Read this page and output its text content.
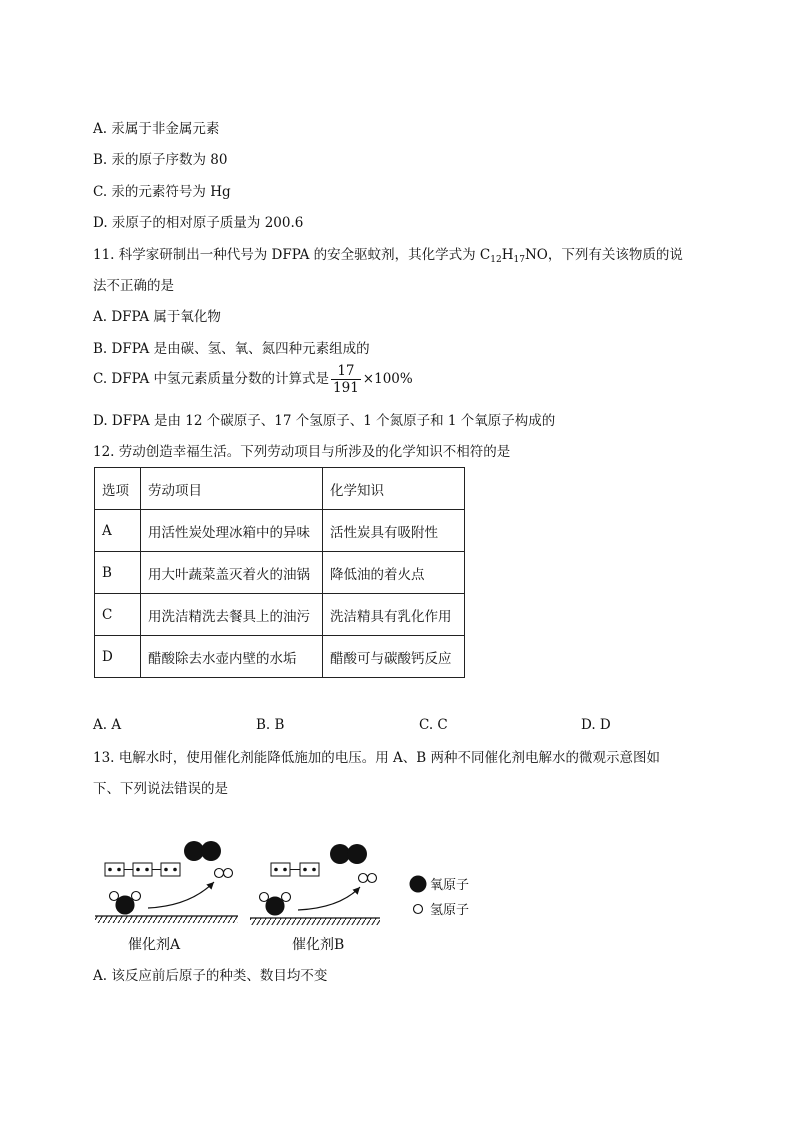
A. 汞属于非金属元素
B. 汞的原子序数为 80
C. 汞的元素符号为 Hg
D. 汞原子的相对原子质量为 200.6
11. 科学家研制出一种代号为 DFPA 的安全驱蚊剂，其化学式为 $C_{12}H_{17}NO$，下列有关该物质的说
法不正确的是
A. DFPA 属于氧化物
B. DFPA 是由碳、氢、氧、氮四种元素组成的
C. DFPA 中氢元素质量分数的计算式是 $\frac{17}{191} \times 100\%$
D. DFPA 是由 12 个碳原子、17 个氢原子、1 个氮原子和 1 个氧原子构成的
12. 劳动创造幸福生活。下列劳动项目与所涉及的化学知识不相符的是
选项	劳动项目	化学知识
A	用活性炭处理冰箱中的异味	活性炭具有吸附性
B	用大叶蔬菜盖灭着火的油锅	降低油的着火点
C	用洗洁精洗去餐具上的油污	洗洁精具有乳化作用
D	醋酸除去水壶内壁的水垢	醋酸可与碳酸钙反应
A. A	B. B	C. C	D. D
13. 电解水时，使用催化剂能降低施加的电压。用 A、B 两种不同催化剂电解水的微观示意图如
下、下列说法错误的是
催化剂A	催化剂B
氧原子
氢原子
A. 该反应前后原子的种类、数目均不变
